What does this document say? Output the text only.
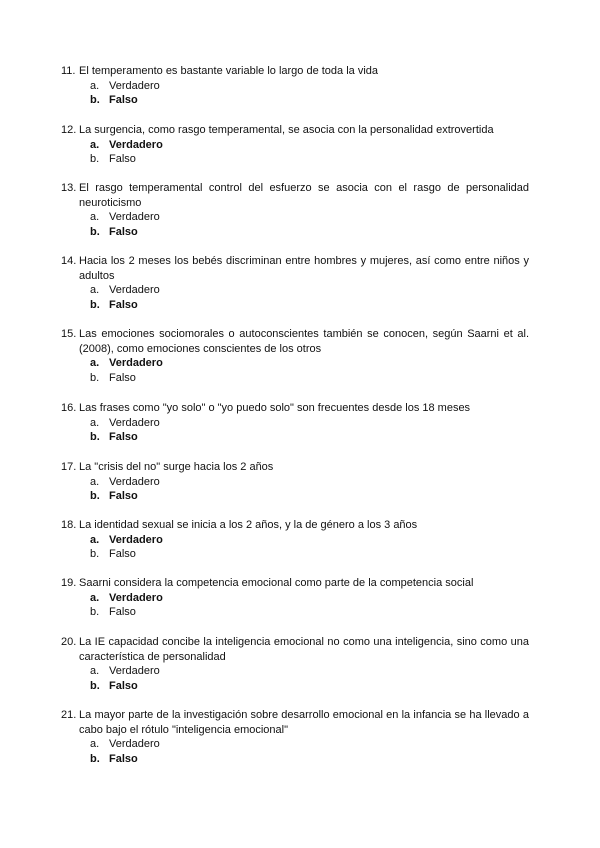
11. El temperamento es bastante variable lo largo de toda la vida
a. Verdadero
b. Falso
12. La surgencia, como rasgo temperamental, se asocia con la personalidad extrovertida
a. Verdadero
b. Falso
13. El rasgo temperamental control del esfuerzo se asocia con el rasgo de personalidad neuroticismo
a. Verdadero
b. Falso
14. Hacia los 2 meses los bebés discriminan entre hombres y mujeres, así como entre niños y adultos
a. Verdadero
b. Falso
15. Las emociones sociomorales o autoconscientes también se conocen, según Saarni et al. (2008), como emociones conscientes de los otros
a. Verdadero
b. Falso
16. Las frases como "yo solo" o "yo puedo solo" son frecuentes desde los 18 meses
a. Verdadero
b. Falso
17. La "crisis del no" surge hacia los 2 años
a. Verdadero
b. Falso
18. La identidad sexual se inicia a los 2 años, y la de género a los 3 años
a. Verdadero
b. Falso
19. Saarni considera la competencia emocional como parte de la competencia social
a. Verdadero
b. Falso
20. La IE capacidad concibe la inteligencia emocional no como una inteligencia, sino como una característica de personalidad
a. Verdadero
b. Falso
21. La mayor parte de la investigación sobre desarrollo emocional en la infancia se ha llevado a cabo bajo el rótulo "inteligencia emocional"
a. Verdadero
b. Falso
